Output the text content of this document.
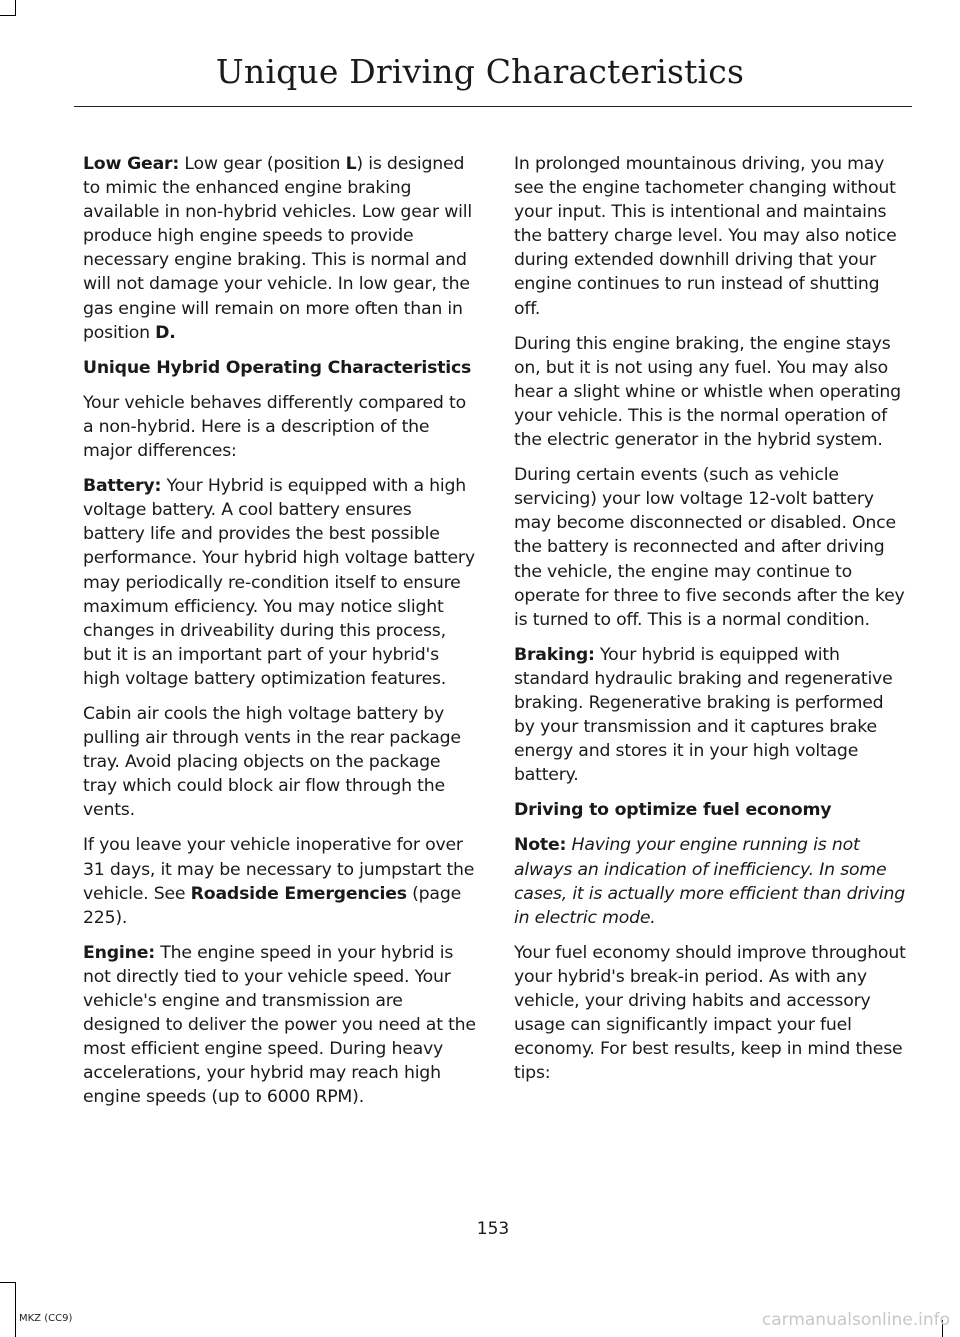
Unique Driving Characteristics

Low Gear: Low gear (position L) is designed to mimic the enhanced engine braking available in non-hybrid vehicles. Low gear will produce high engine speeds to provide necessary engine braking. This is normal and will not damage your vehicle. In low gear, the gas engine will remain on more often than in position D.

Unique Hybrid Operating Characteristics

Your vehicle behaves differently compared to a non-hybrid. Here is a description of the major differences:

Battery: Your Hybrid is equipped with a high voltage battery. A cool battery ensures battery life and provides the best possible performance. Your hybrid high voltage battery may periodically re-condition itself to ensure maximum efficiency. You may notice slight changes in driveability during this process, but it is an important part of your hybrid's high voltage battery optimization features.

Cabin air cools the high voltage battery by pulling air through vents in the rear package tray. Avoid placing objects on the package tray which could block air flow through the vents.

If you leave your vehicle inoperative for over 31 days, it may be necessary to jumpstart the vehicle. See Roadside Emergencies (page 225).

Engine: The engine speed in your hybrid is not directly tied to your vehicle speed. Your vehicle's engine and transmission are designed to deliver the power you need at the most efficient engine speed. During heavy accelerations, your hybrid may reach high engine speeds (up to 6000 RPM).

In prolonged mountainous driving, you may see the engine tachometer changing without your input. This is intentional and maintains the battery charge level. You may also notice during extended downhill driving that your engine continues to run instead of shutting off.

During this engine braking, the engine stays on, but it is not using any fuel. You may also hear a slight whine or whistle when operating your vehicle. This is the normal operation of the electric generator in the hybrid system.

During certain events (such as vehicle servicing) your low voltage 12-volt battery may become disconnected or disabled. Once the battery is reconnected and after driving the vehicle, the engine may continue to operate for three to five seconds after the key is turned to off. This is a normal condition.

Braking: Your hybrid is equipped with standard hydraulic braking and regenerative braking. Regenerative braking is performed by your transmission and it captures brake energy and stores it in your high voltage battery.

Driving to optimize fuel economy

Note: Having your engine running is not always an indication of inefficiency. In some cases, it is actually more efficient than driving in electric mode.

Your fuel economy should improve throughout your hybrid's break-in period. As with any vehicle, your driving habits and accessory usage can significantly impact your fuel economy. For best results, keep in mind these tips:

153
MKZ (CC9)	carmanualsonline.info
